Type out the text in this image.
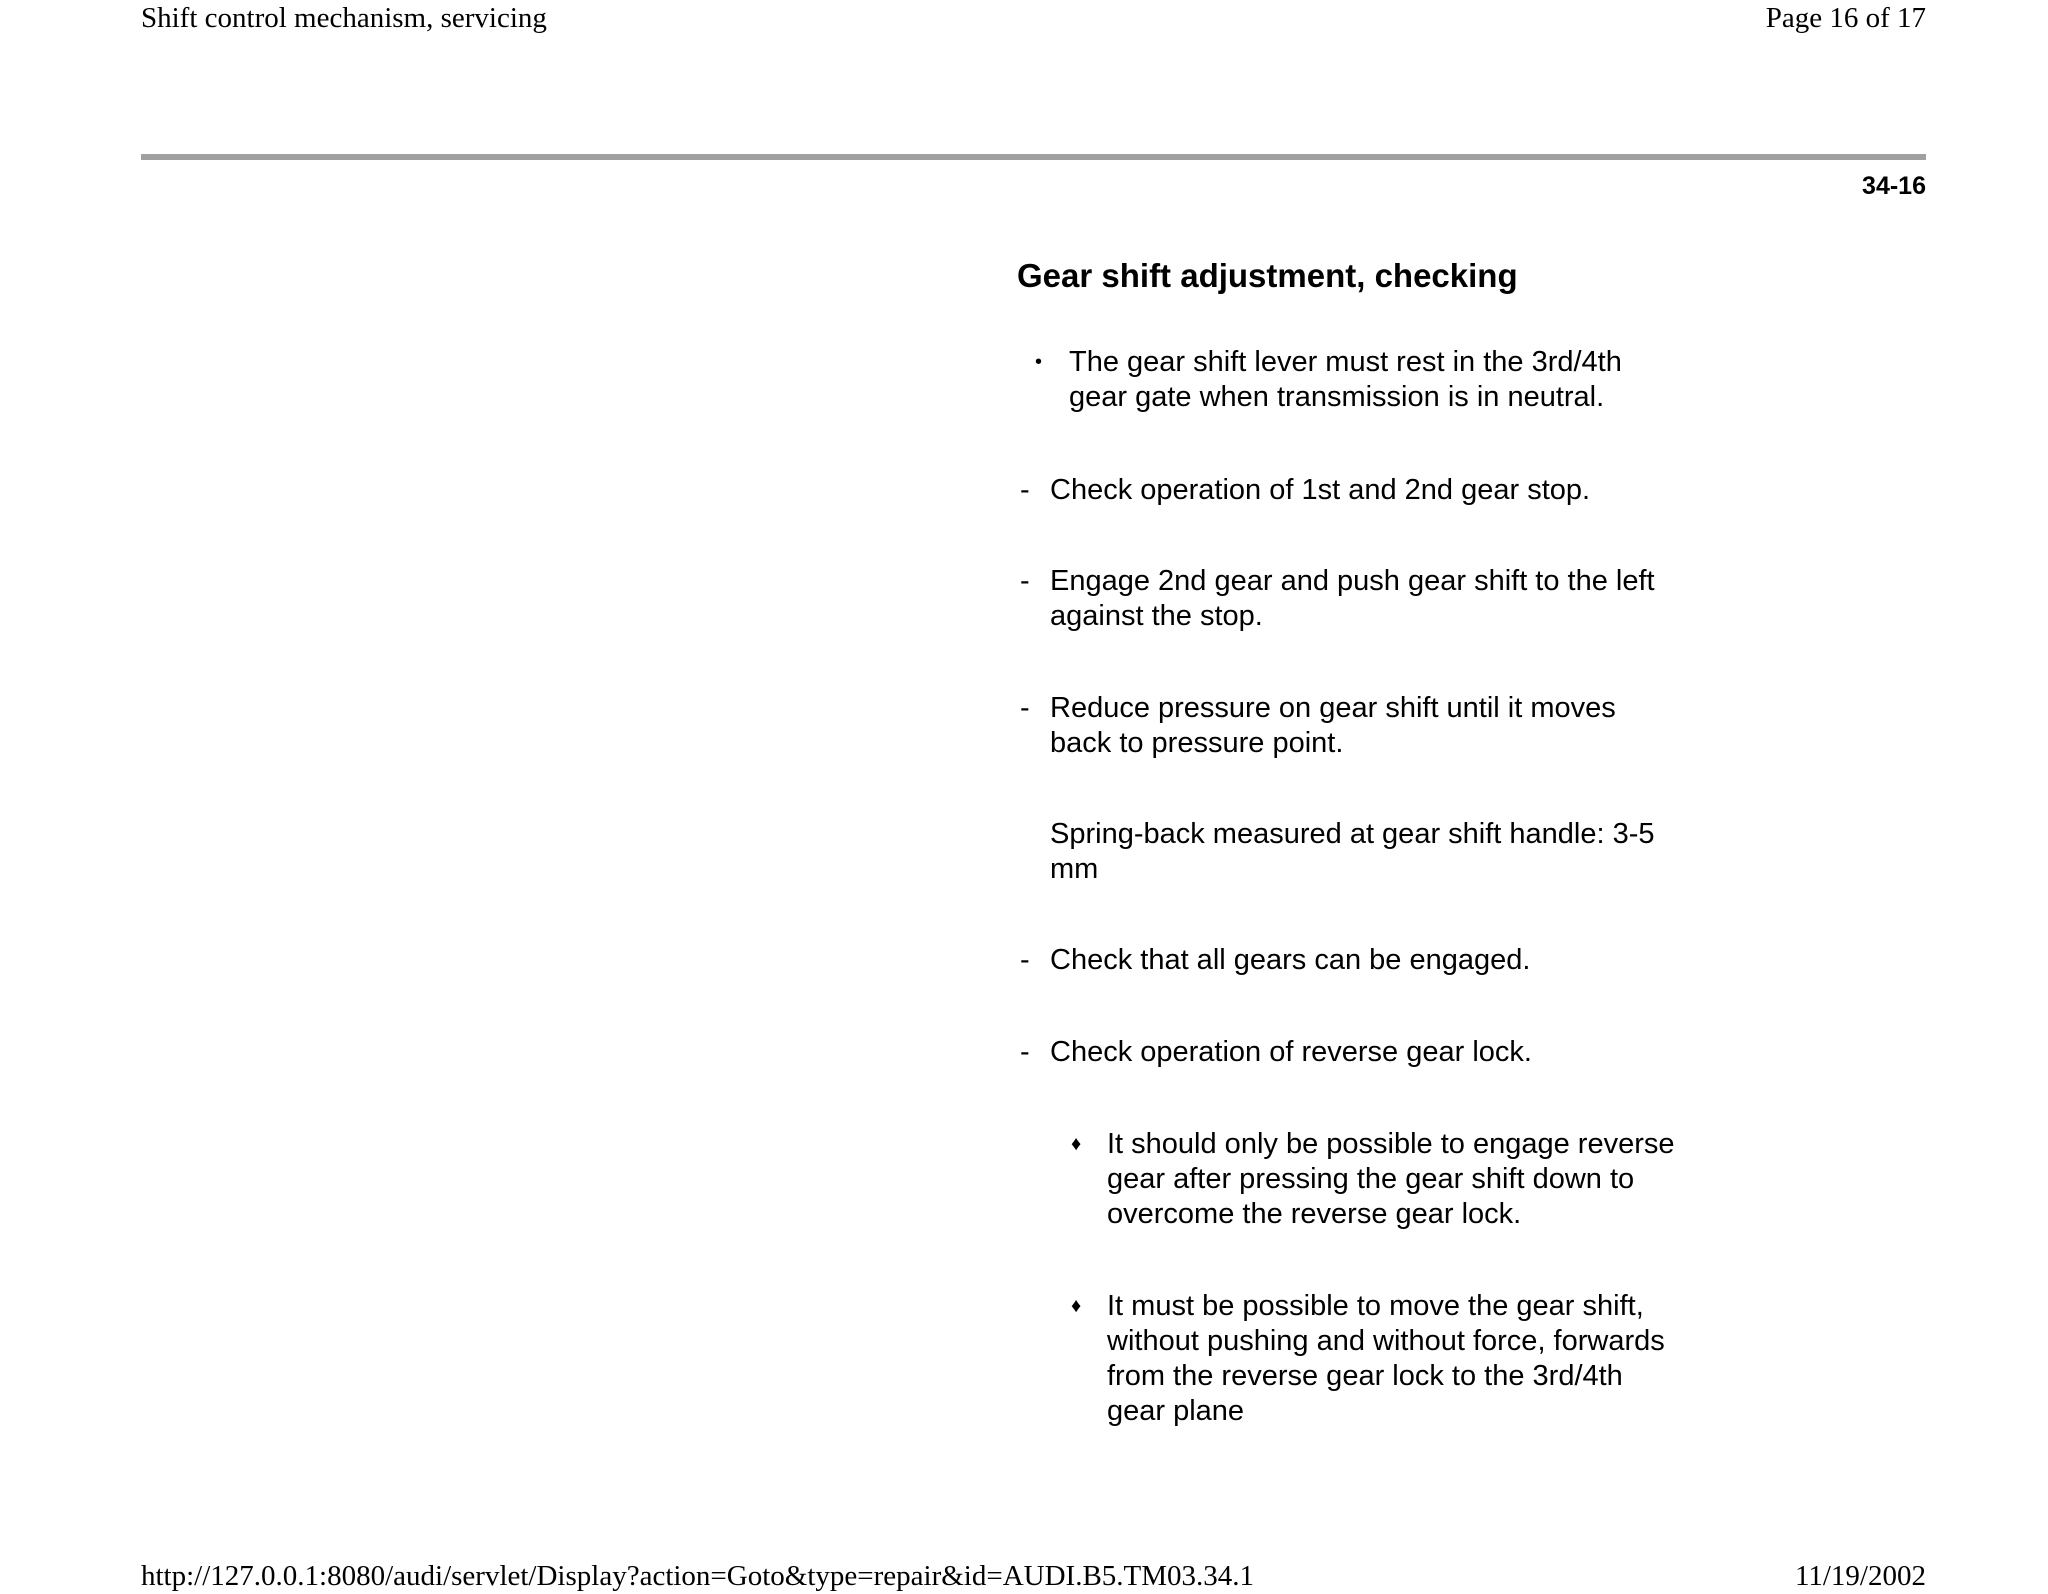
Shift control mechanism, servicing	Page 16 of 17
34-16
Gear shift adjustment, checking
• The gear shift lever must rest in the 3rd/4th
gear gate when transmission is in neutral.
- Check operation of 1st and 2nd gear stop.
- Engage 2nd gear and push gear shift to the left
against the stop.
- Reduce pressure on gear shift until it moves
back to pressure point.
Spring-back measured at gear shift handle: 3-5
mm
- Check that all gears can be engaged.
- Check operation of reverse gear lock.
♦ It should only be possible to engage reverse
gear after pressing the gear shift down to
overcome the reverse gear lock.
♦ It must be possible to move the gear shift,
without pushing and without force, forwards
from the reverse gear lock to the 3rd/4th
gear plane
http://127.0.0.1:8080/audi/servlet/Display?action=Goto&type=repair&id=AUDI.B5.TM03.34.1	11/19/2002
